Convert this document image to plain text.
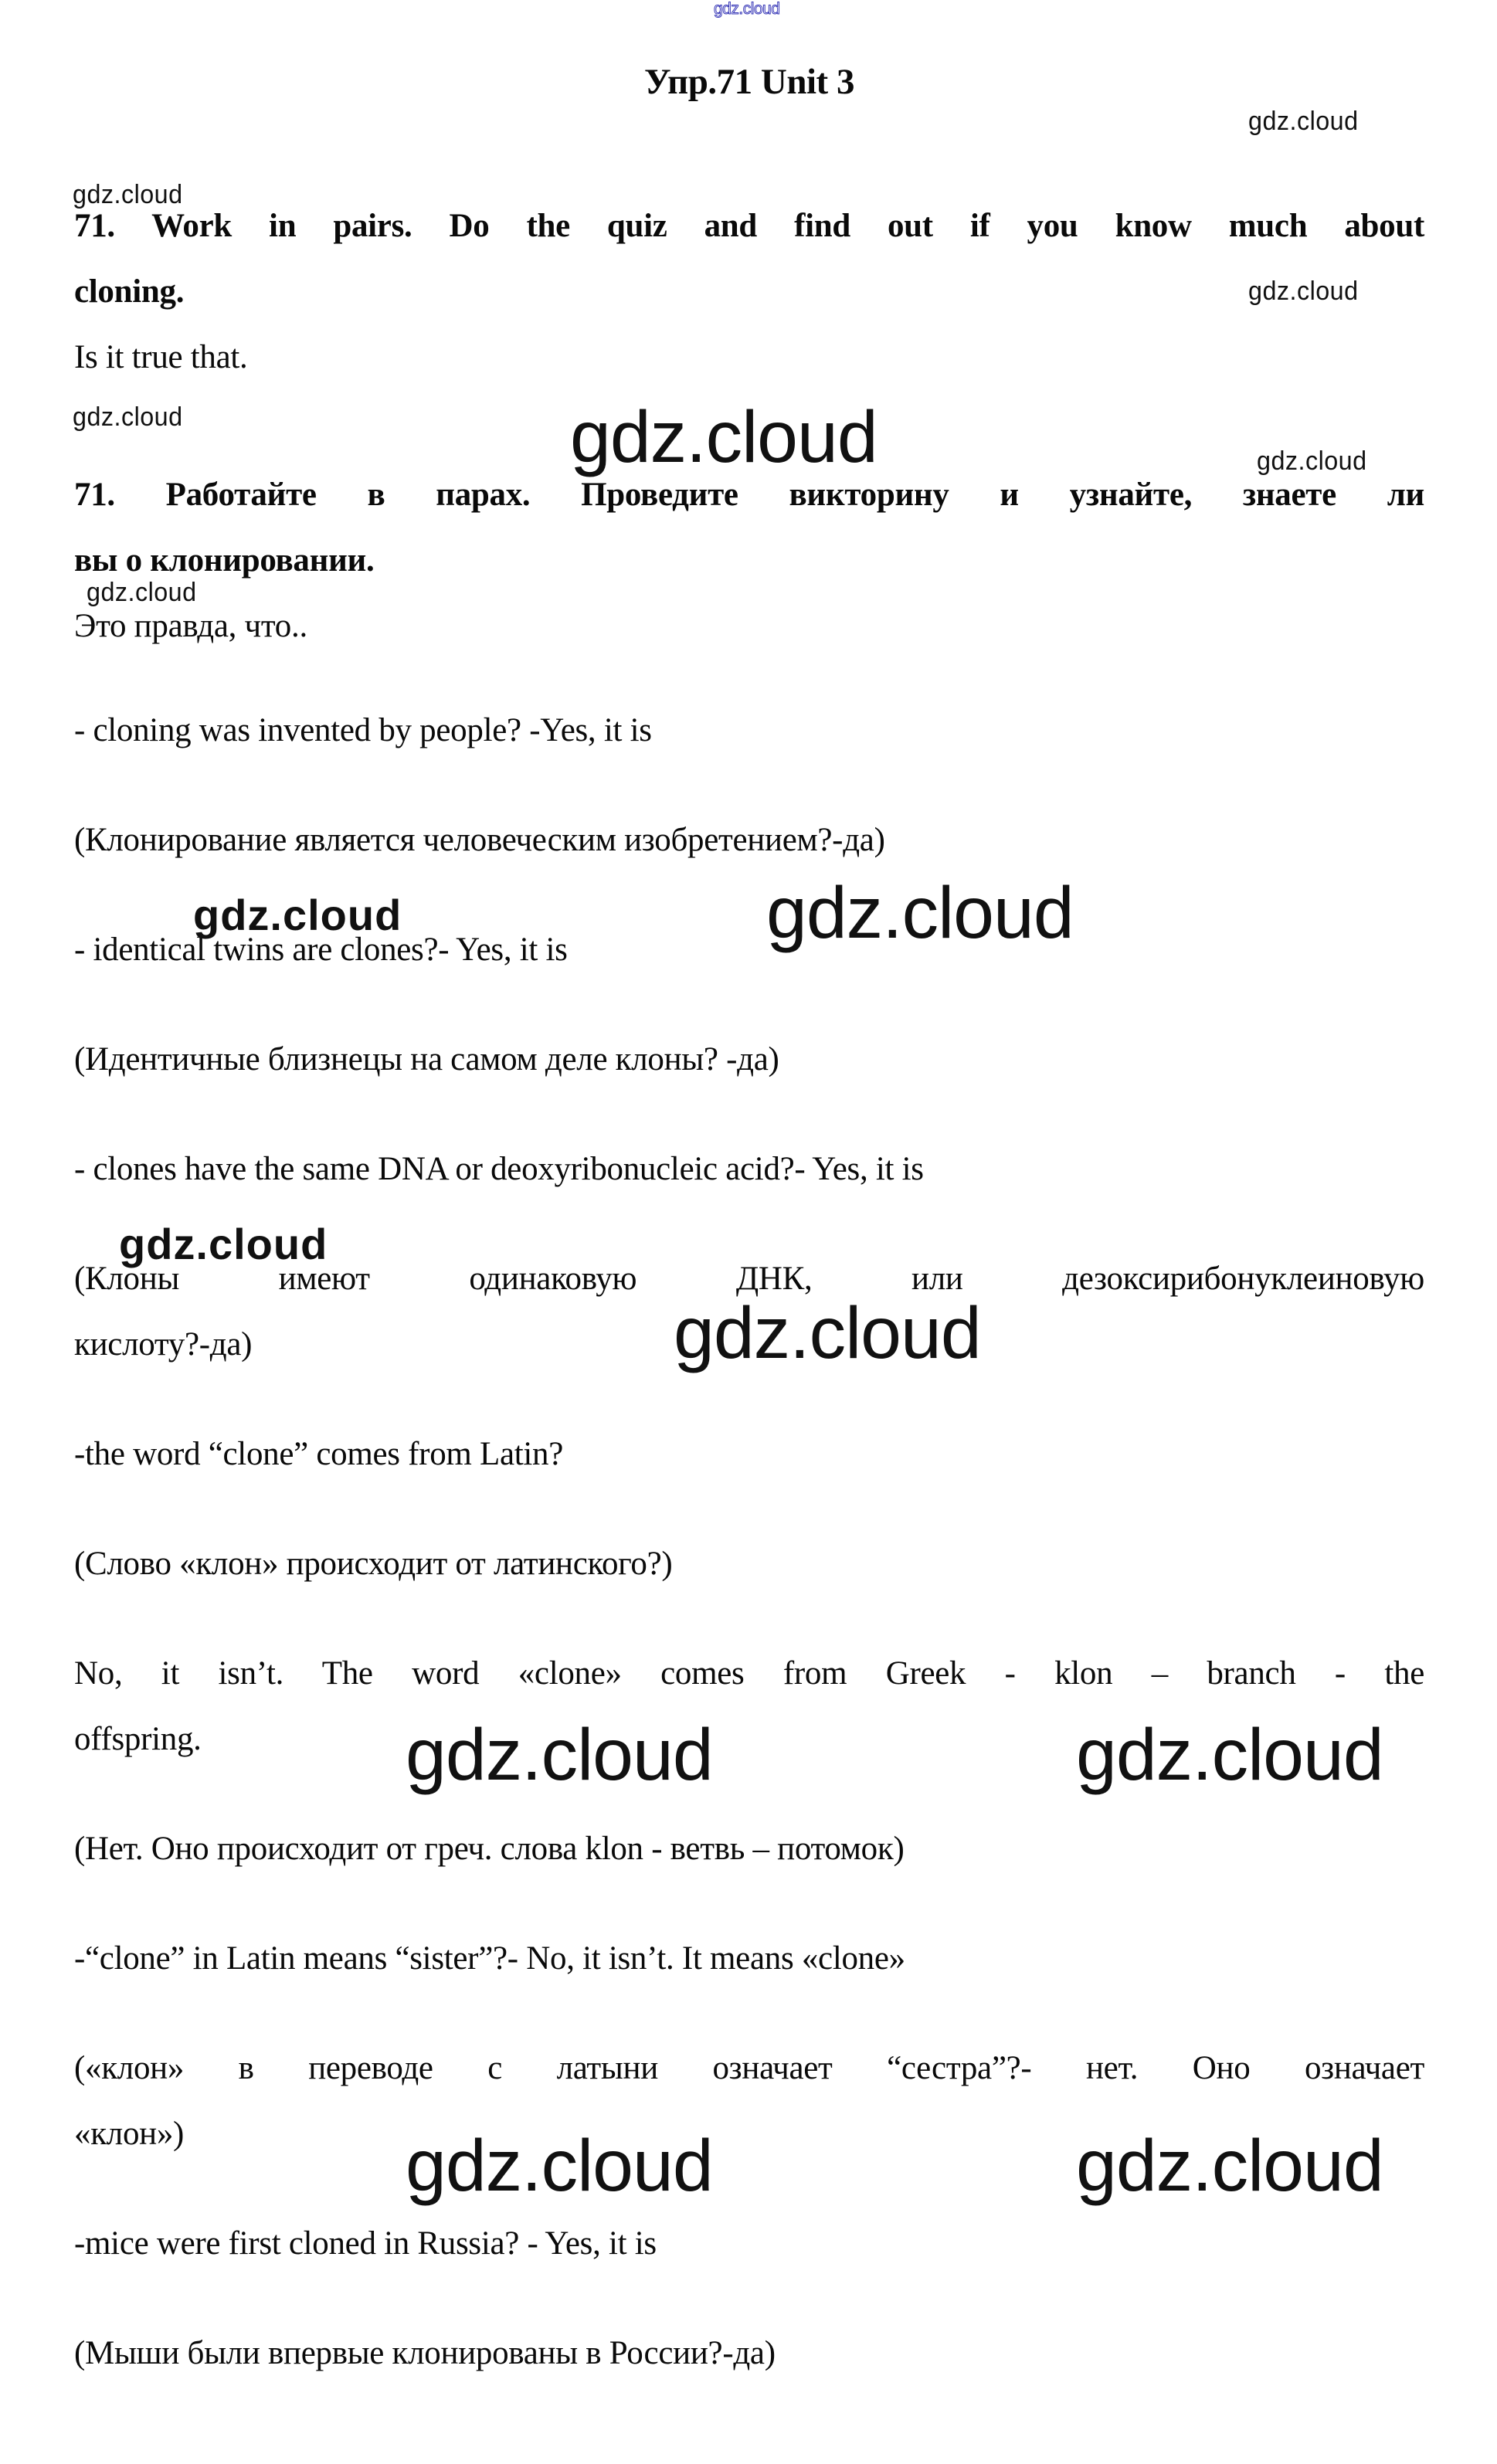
gdz.cloud
gdz.cloud
gdz.cloud
gdz.cloud
gdz.cloud	gdz.cloud	gdz.cloud
gdz.cloud
gdz.cloud	gdz.cloud
gdz.cloud
gdz.cloud
gdz.cloud	gdz.cloud
gdz.cloud	gdz.cloud
Упр.71 Unit 3
71. Work in pairs. Do the quiz and find out if you know much about
cloning.
Is it true that.
71. Работайте в парах. Проведите викторину и узнайте, знаете ли
вы о клонировании.
Это правда, что..
- cloning was invented by people? -Yes, it is
(Клонирование является человеческим изобретением?-да)
- identical twins are clones?- Yes, it is
(Идентичные близнецы на самом деле клоны? -да)
- clones have the same DNA or deoxyribonucleic acid?- Yes, it is
(Клоны имеют одинаковую ДНК, или дезоксирибонуклеиновую
кислоту?-да)
-the word “clone” comes from Latin?
(Слово «клон» происходит от латинского?)
No, it isn’t. The word «clone» comes from Greek - klon – branch - the
offspring.
(Нет. Оно происходит от греч. слова klon - ветвь – потомок)
-“clone” in Latin means “sister”?- No, it isn’t. It means «clone»
(«клон» в переводе с латыни означает “сестра”?- нет. Оно означает
«клон»)
-mice were first cloned in Russia? - Yes, it is
(Мыши были впервые клонированы в России?-да)
